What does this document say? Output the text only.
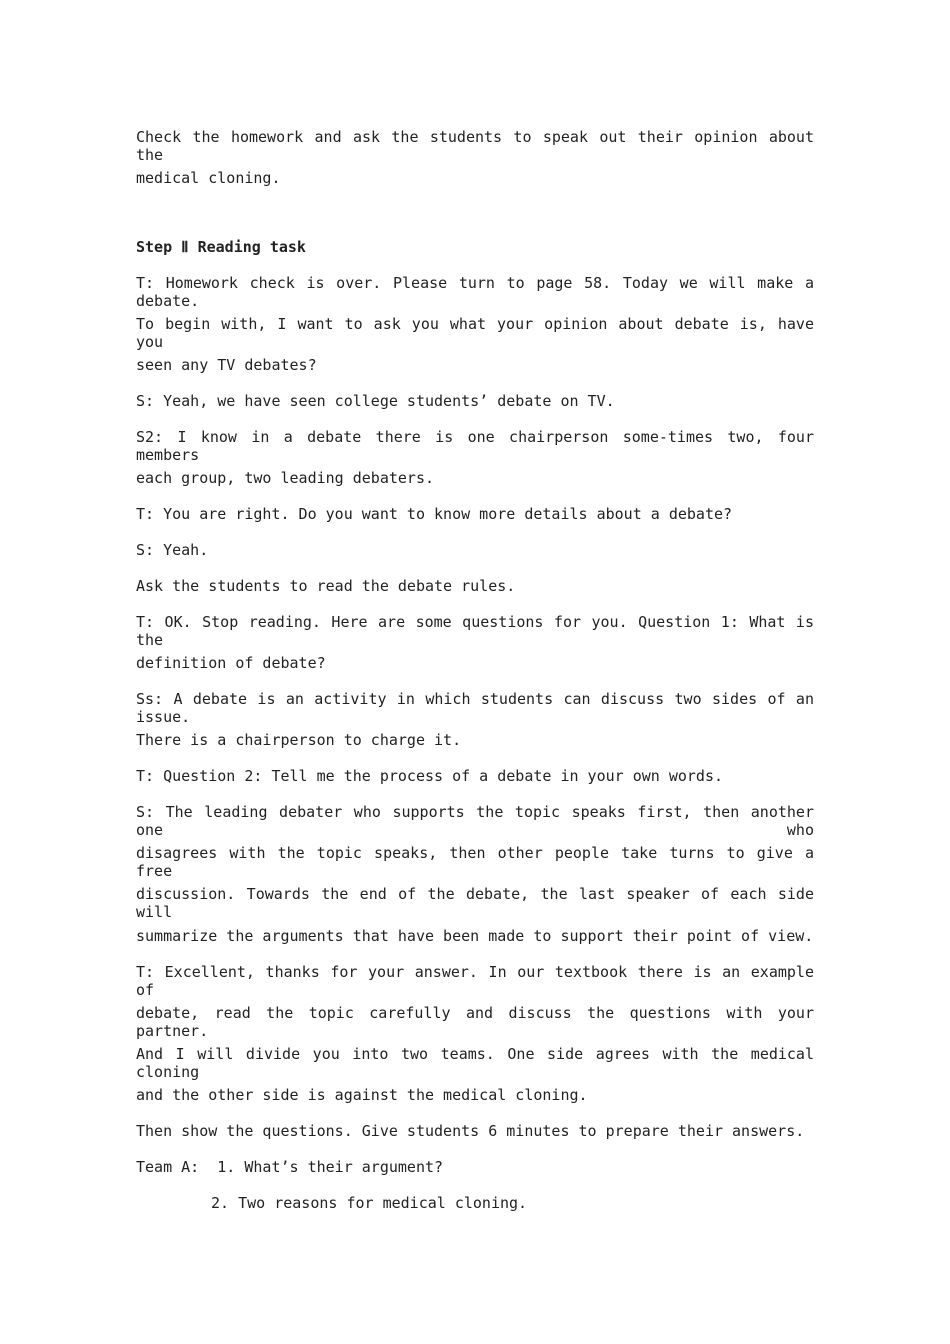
Check the homework and ask the students to speak out their opinion about the
medical cloning.
Step Ⅱ Reading task
T: Homework check is over. Please turn to page 58. Today we will make a debate.
To begin with, I want to ask you what your opinion about debate is, have you
seen any TV debates?
S: Yeah, we have seen college students’ debate on TV.
S2: I know in a debate there is one chairperson some-times two, four members
each group, two leading debaters.
T: You are right. Do you want to know more details about a debate?
S: Yeah.
Ask the students to read the debate rules.
T: OK. Stop reading. Here are some questions for you. Question 1: What is the
definition of debate?
Ss: A debate is an activity in which students can discuss two sides of an issue.
There is a chairperson to charge it.
T: Question 2: Tell me the process of a debate in your own words.
S: The leading debater who supports the topic speaks first, then another one who
disagrees with the topic speaks, then other people take turns to give a free
discussion. Towards the end of the debate, the last speaker of each side will
summarize the arguments that have been made to support their point of view.
T: Excellent, thanks for your answer. In our textbook there is an example of
debate, read the topic carefully and discuss the questions with your partner.
And I will divide you into two teams. One side agrees with the medical cloning
and the other side is against the medical cloning.
Then show the questions. Give students 6 minutes to prepare their answers.
Team A:  1. What’s their argument?
2. Two reasons for medical cloning.
